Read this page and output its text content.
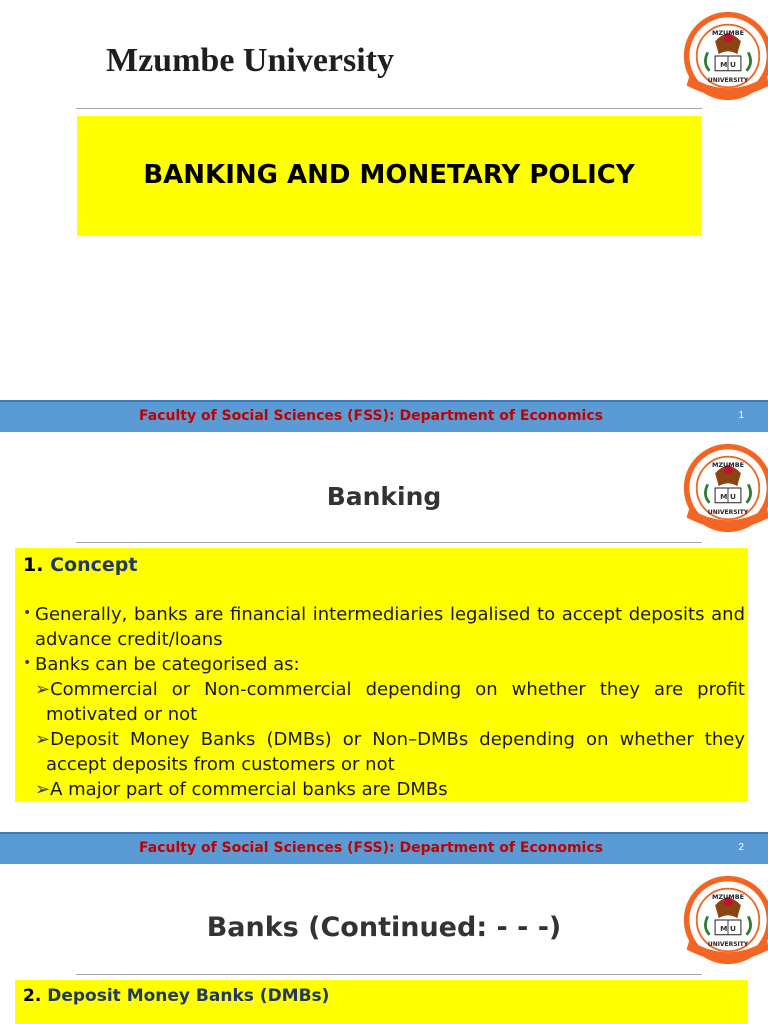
Mzumbe University
MZUMBE
M U
UNIVERSITY
BANKING AND MONETARY POLICY
Faculty of Social Sciences (FSS): Department of Economics	1
Banking
MZUMBE
M U
UNIVERSITY
1. Concept
• Generally, banks are financial intermediaries legalised to accept deposits and advance credit/loans
• Banks can be categorised as:
➢Commercial or Non-commercial depending on whether they are profit
motivated or not
➢Deposit Money Banks (DMBs) or Non–DMBs depending on whether they
accept deposits from customers or not
➢A major part of commercial banks are DMBs
Faculty of Social Sciences (FSS): Department of Economics	2
Banks (Continued: - - -)
MZUMBE
M U
UNIVERSITY
2. Deposit Money Banks (DMBs)
